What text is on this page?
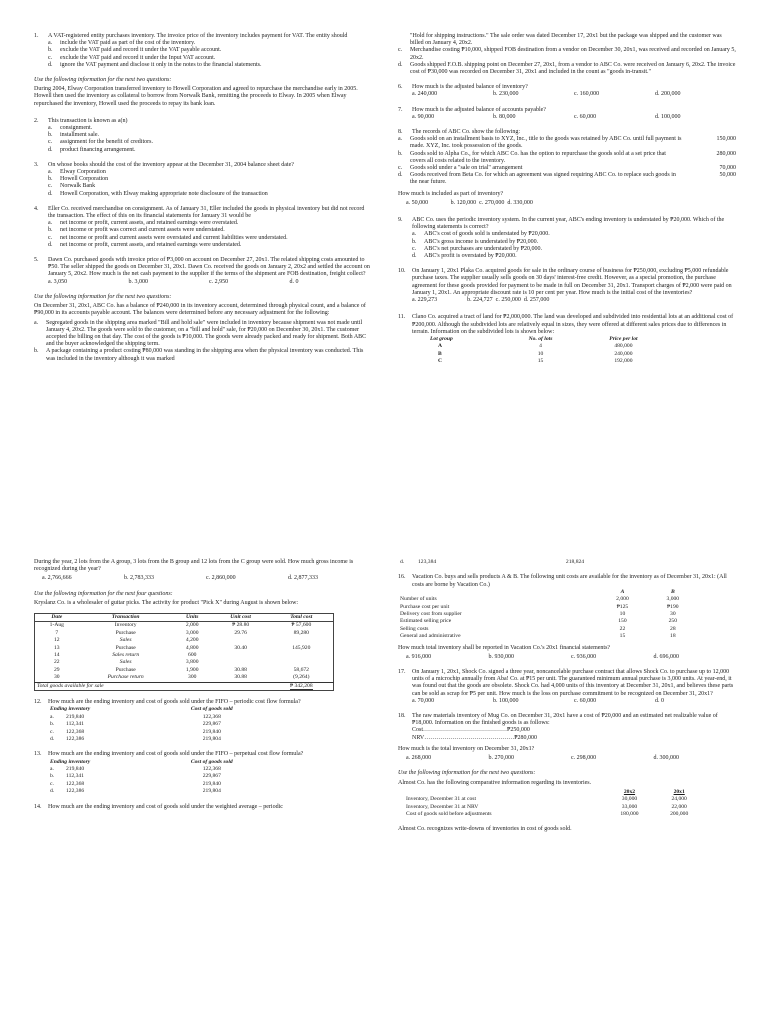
1.	A VAT-registered entity purchases inventory. The invoice price of the inventory includes payment for VAT. The entity should
a.	include the VAT paid as part of the cost of the inventory.
b.	exclude the VAT paid and record it under the VAT payable account.
c.	exclude the VAT paid and record it under the Input VAT account.
d.	ignore the VAT payment and disclose it only in the notes to the financial statements.
Use the following information for the next two questions:
During 2004, Elway Corporation transferred inventory to Howell Corporation and agreed to repurchase the merchandise early in 2005. Howell then used the inventory as collateral to borrow from Norwalk Bank, remitting the proceeds to Elway. In 2005 when Elway repurchased the inventory, Howell used the proceeds to repay its bank loan.
2.	This transaction is known as a(n)
a.	consignment.
b.	installment sale.
c.	assignment for the benefit of creditors.
d.	product financing arrangement.
3.	On whose books should the cost of the inventory appear at the December 31, 2004 balance sheet date?
a.	Elway Corporation
b.	Howell Corporation
c.	Norwalk Bank
d.	Howell Corporation, with Elway making appropriate note disclosure of the transaction
4.	Eller Co. received merchandise on consignment. As of January 31, Eller included the goods in physical inventory but did not record the transaction. The effect of this on its financial statements for January 31 would be
a.	net income or profit, current assets, and retained earnings were overstated.
b.	net income or profit was correct and current assets were understated.
c.	net income or profit and current assets were overstated and current liabilities were understated.
d.	net income or profit, current assets, and retained earnings were understated.
5.	Dawn Co. purchased goods with invoice price of ₱3,000 on account on December 27, 20x1. The related shipping costs amounted to ₱50. The seller shipped the goods on December 31, 20x1. Dawn Co. received the goods on January 2, 20x2 and settled the account on January 5, 20x2. How much is the net cash payment to the supplier if the terms of the shipment are FOB destination, freight collect?
a. 3,050	b. 3,000	c. 2,950	d. 0
Use the following information for the next two questions:
On December 31, 20x1, ABC Co. has a balance of ₱240,000 in its inventory account, determined through physical count, and a balance of ₱90,000 in its accounts payable account. The balances were determined before any necessary adjustment for the following:
a.	Segregated goods in the shipping area marked "Bill and hold sale" were included in inventory because shipment was not made until January 4, 20x2. The goods were sold to the customer, on a "bill and hold" sale, for ₱20,000 on December 30, 20x1. The customer accepted the billing on that day. The cost of the goods is ₱10,000. The goods were already packed and ready for shipment. Both ABC and the buyer acknowledged the shipping term.
b.	A package containing a product costing ₱80,000 was standing in the shipping area when the physical inventory was conducted. This was included in the inventory although it was marked
"Hold for shipping instructions." The sale order was dated December 17, 20x1 but the package was shipped and the customer was billed on January 4, 20x2.
c.	Merchandise costing ₱10,000, shipped FOB destination from a vendor on December 30, 20x1, was received and recorded on January 5, 20x2.
d.	Goods shipped F.O.B. shipping point on December 27, 20x1, from a vendor to ABC Co. were received on January 6, 20x2. The invoice cost of ₱30,000 was recorded on December 31, 20x1 and included in the count as "goods in-transit."
6.	How much is the adjusted balance of inventory?
a. 240,000	b. 230,000	c. 160,000	d. 200,000
7.	How much is the adjusted balance of accounts payable?
a. 90,000	b. 80,000	c. 60,000	d. 100,000
8.	The records of ABC Co. show the following:
a.	Goods sold on an installment basis to XYZ, Inc., title to the goods was retained by ABC Co. until full payment is made. XYZ, Inc. took possession of the goods.
150,000
b.	Goods sold to Alpha Co., for which ABC Co. has the option to repurchase the goods sold at a set price that covers all costs related to the inventory.
280,000
c.	Goods sold under a "sale on trial" arrangement	70,000
d.	Goods received from Beta Co. for which an agreement was signed requiring ABC Co. to replace such goods in the near future.
50,000
How much is included as part of inventory?
a. 50,000               b. 120,000  c. 270,000  d. 330,000
9.	ABC Co. uses the periodic inventory system. In the current year, ABC's ending inventory is understated by ₱20,000. Which of the following statements is correct?
a.	ABC's cost of goods sold is understated by ₱20,000.
b.	ABC's gross income is understated by ₱20,000.
c.	ABC's net purchases are understated by ₱20,000.
d.	ABC's profit is overstated by ₱20,000.
10.	On January 1, 20x1 Plaka Co. acquired goods for sale in the ordinary course of business for ₱250,000, excluding ₱5,000 refundable purchase taxes. The supplier usually sells goods on 30 days' interest-free credit. However, as a special promotion, the purchase agreement for these goods provided for payment to be made in full on December 31, 20x1. Transport charges of ₱2,000 were paid on January 1, 20x1. An appropriate discount rate is 10 per cent per year. How much is the initial cost of the inventories?
a. 229,273                    b. 224,727  c. 250,000  d. 257,000
11.	Clano Co. acquired a tract of land for ₱2,000,000. The land was developed and subdivided into residential lots at an additional cost of ₱200,000. Although the subdivided lots are relatively equal in sizes, they were offered at different sales prices due to differences in terrain. Information on the subdivided lots is shown below:
Lot group	No. of lots	Price per lot
A	4	480,000
B	10	240,000
C	15	192,000
During the year, 2 lots from the A group, 3 lots from the B group and 12 lots from the C group were sold. How much gross income is recognized during the year?
a. 2,766,666	b. 2,783,333	c. 2,860,000	d. 2,877,333
Use the following information for the next four questions:
Kryslanz Co. is a wholesaler of guitar picks. The activity for product "Pick X" during August is shown below:
Date	Transaction	Units	Unit cost	Total cost
1-Aug	Inventory	2,000	₱ 28.80	₱ 57,600
7	Purchase	3,000	29.76	89,280
12	Sales	4,200		
13	Purchase	4,800	30.40	145,920
14	Sales return	600		
22	Sales	3,800		
29	Purchase	1,900	30.88	58,672
30	Purchase return	300	30.88	(9,264)
Total goods available for sale				₱ 342,208
12.	How much are the ending inventory and cost of goods sold under the FIFO – periodic cost flow formula?
Ending inventory		Cost of goods sold
a.	219,840	122,368
b.	112,341	229,867
c.	122,368	219,840
d.	122,386	219,804
13.	How much are the ending inventory and cost of goods sold under the FIFO – perpetual cost flow formula?
Ending inventory		Cost of goods sold
a.	219,840	122,368
b.	112,341	229,867
c.	122,368	219,840
d.	122,386	219,804
14.	How much are the ending inventory and cost of goods sold under the weighted average – periodic
d.	123,384	218,824
16.	Vacation Co. buys and sells products A & B. The following unit costs are available for the inventory as of December 31, 20x1: (All costs are borne by Vacation Co.)
	A	B
Number of units	2,000	3,000
Purchase cost per unit	₱125	₱190
Delivery cost from supplier	10	30
Estimated selling price	150	250
Selling costs	22	28
General and administrative	15	18
How much total inventory shall be reported in Vacation Co.'s 20x1 financial statements?
a. 916,000	b. 930,000	c. 936,000	d. 696,000
17.	On January 1, 20x1, Shock Co. signed a three year, noncancelable purchase contract that allows Shock Co. to purchase up to 12,000 units of a microchip annually from Aba! Co. at ₱15 per unit. The guaranteed minimum annual purchase is 3,000 units. At year-end, it was found out that the goods are obsolete. Shock Co. had 4,000 units of this inventory at December 31, 20x1, and believes these parts can be sold as scrap for ₱5 per unit. How much is the loss on purchase commitment to be recognized on December 31, 20x1?
a. 70,000	b. 100,000	c. 60,000	d. 0
18.	The raw materials inventory of Mug Co. on December 31, 20x1 have a cost of ₱20,000 and an estimated net realizable value of ₱18,000. Information on the finished goods is as follows:
Cost……………………………………₱250,000
NRV………………………………………₱280,000
How much is the total inventory on December 31, 20x1?
a. 268,000	b. 270,000	c. 298,000	d. 300,000
Use the following information for the next two questions:
Almost Co. has the following comparative information regarding its inventories.
	20x2	20x1
Inventory, December 31 at cost	30,000	24,000
Inventory, December 31 at NRV	33,000	22,000
Cost of goods sold before adjustments	180,000	200,000
Almost Co. recognizes write-downs of inventories in cost of goods sold.
